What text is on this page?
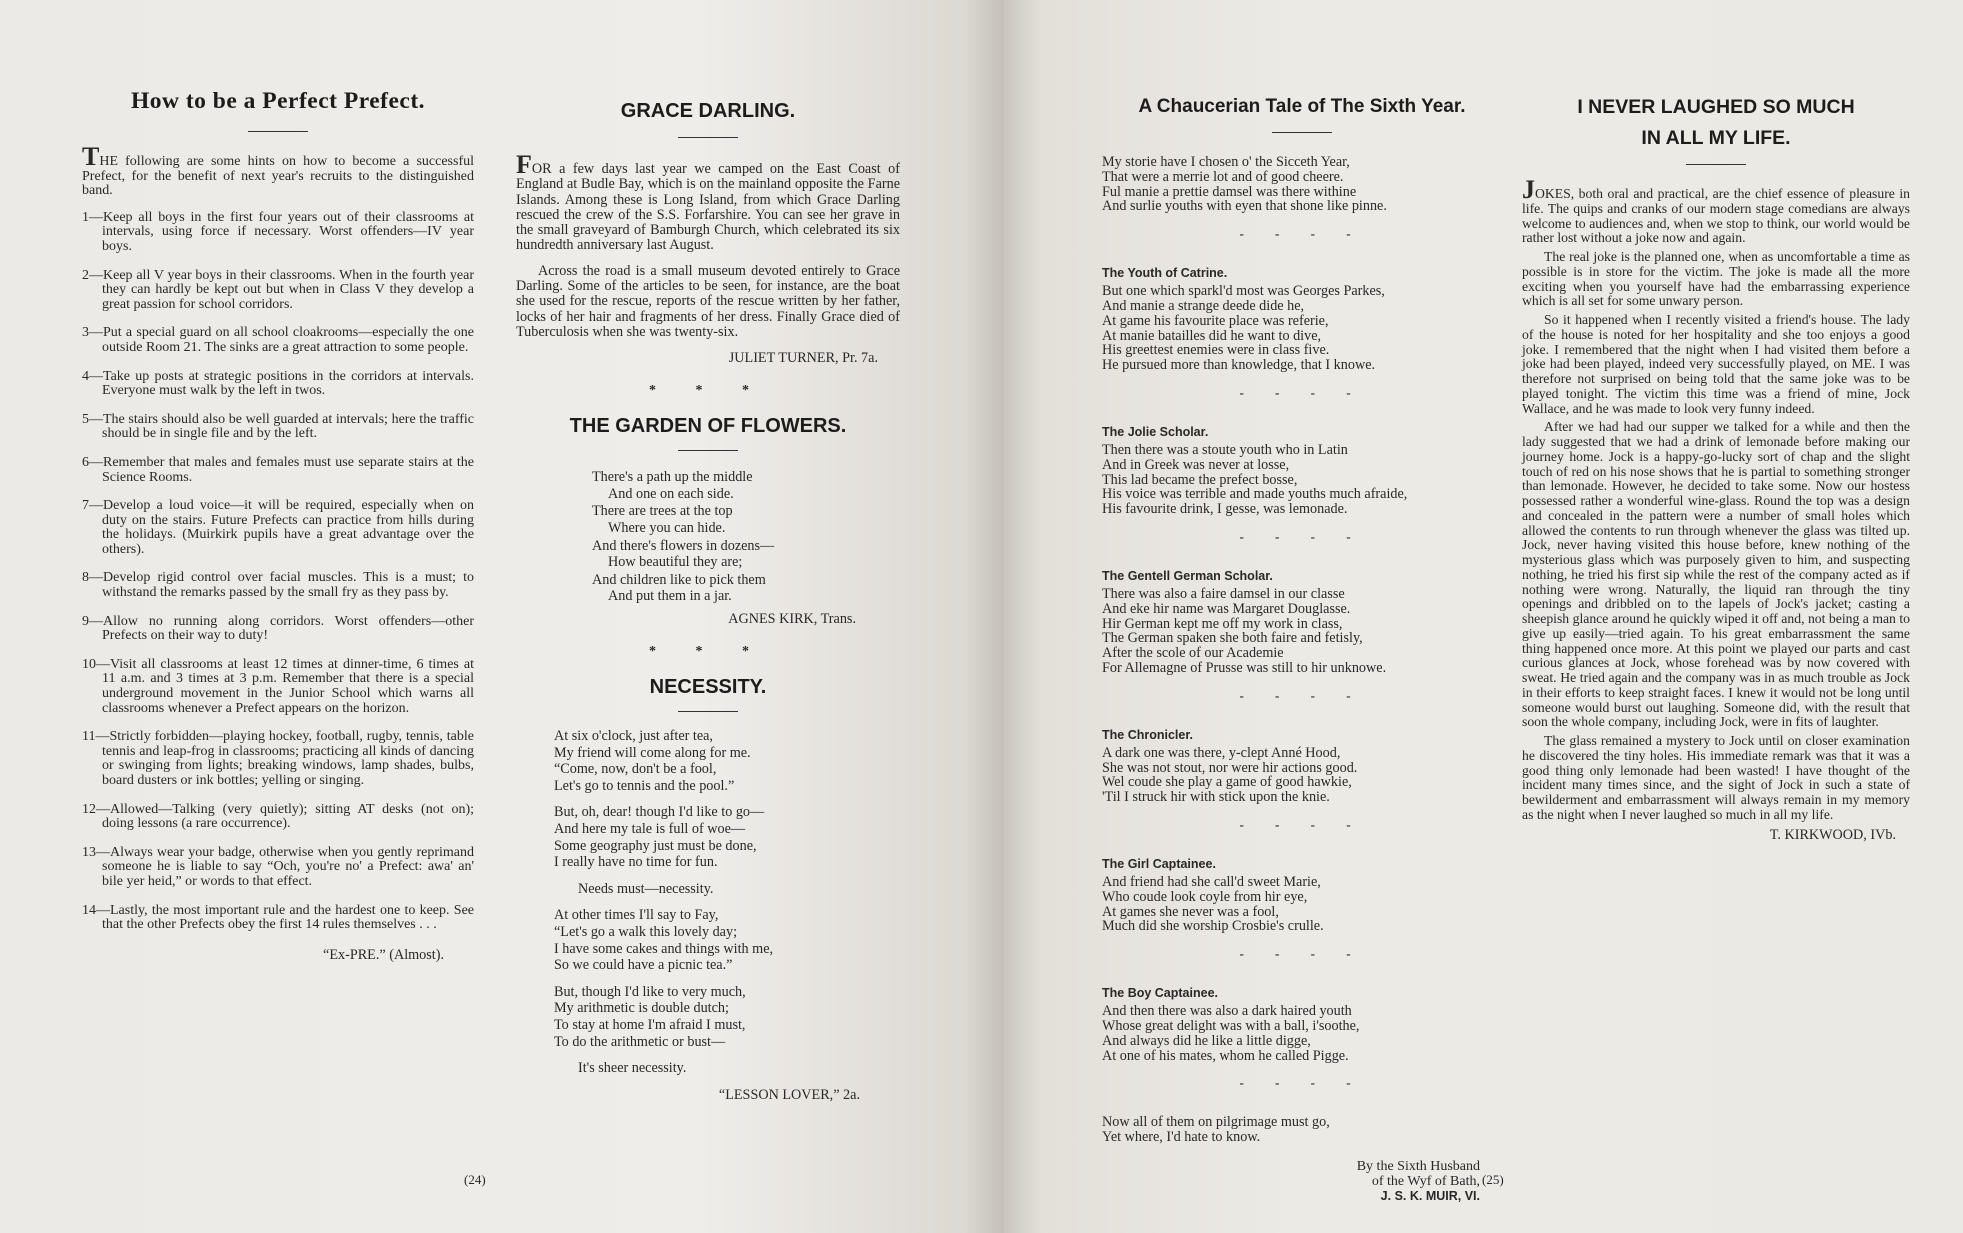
How to be a Perfect Prefect.

THE following are some hints on how to become a successful Prefect, for the benefit of next year's recruits to the distinguished band.

1—Keep all boys in the first four years out of their classrooms at intervals, using force if necessary. Worst offenders—IV year boys.

2—Keep all V year boys in their classrooms. When in the fourth year they can hardly be kept out but when in Class V they develop a great passion for school corridors.

3—Put a special guard on all school cloakrooms—especially the one outside Room 21. The sinks are a great attraction to some people.

4—Take up posts at strategic positions in the corridors at intervals. Everyone must walk by the left in twos.

5—The stairs should also be well guarded at intervals; here the traffic should be in single file and by the left.

6—Remember that males and females must use separate stairs at the Science Rooms.

7—Develop a loud voice—it will be required, especially when on duty on the stairs. Future Prefects can practice from hills during the holidays. (Muirkirk pupils have a great advantage over the others).

8—Develop rigid control over facial muscles. This is a must; to withstand the remarks passed by the small fry as they pass by.

9—Allow no running along corridors. Worst offenders—other Prefects on their way to duty!

10—Visit all classrooms at least 12 times at dinner-time, 6 times at 11 a.m. and 3 times at 3 p.m. Remember that there is a special underground movement in the Junior School which warns all classrooms whenever a Prefect appears on the horizon.

11—Strictly forbidden—playing hockey, football, rugby, tennis, table tennis and leap-frog in classrooms; practicing all kinds of dancing or swinging from lights; breaking windows, lamp shades, bulbs, board dusters or ink bottles; yelling or singing.

12—Allowed—Talking (very quietly); sitting AT desks (not on); doing lessons (a rare occurrence).

13—Always wear your badge, otherwise when you gently reprimand someone he is liable to say “Och, you're no' a Prefect: awa' an' bile yer heid,” or words to that effect.

14—Lastly, the most important rule and the hardest one to keep. See that the other Prefects obey the first 14 rules themselves . . .

“Ex-PRE.” (Almost).

GRACE DARLING.

FOR a few days last year we camped on the East Coast of England at Budle Bay, which is on the mainland opposite the Farne Islands. Among these is Long Island, from which Grace Darling rescued the crew of the S.S. Forfarshire. You can see her grave in the small graveyard of Bamburgh Church, which celebrated its six hundredth anniversary last August.

Across the road is a small museum devoted entirely to Grace Darling. Some of the articles to be seen, for instance, are the boat she used for the rescue, reports of the rescue written by her father, locks of her hair and fragments of her dress. Finally Grace died of Tuberculosis when she was twenty-six.

JULIET TURNER, Pr. 7a.

* * *
THE GARDEN OF FLOWERS.
There's a path up the middle
And one on each side.
There are trees at the top
Where you can hide.
And there's flowers in dozens—
How beautiful they are;
And children like to pick them
And put them in a jar.

AGNES KIRK, Trans.

* * *
NECESSITY.
At six o'clock, just after tea,
My friend will come along for me.
“Come, now, don't be a fool,
Let's go to tennis and the pool.”
But, oh, dear! though I'd like to go—
And here my tale is full of woe—
Some geography just must be done,
I really have no time for fun.
Needs must—necessity.
At other times I'll say to Fay,
“Let's go a walk this lovely day;
I have some cakes and things with me,
So we could have a picnic tea.”
But, though I'd like to very much,
My arithmetic is double dutch;
To stay at home I'm afraid I must,
To do the arithmetic or bust—
It's sheer necessity.

“LESSON LOVER,” 2a.

(24)
A Chaucerian Tale of The Sixth Year.
My storie have I chosen o' the Sicceth Year,
That were a merrie lot and of good cheere.
Ful manie a prettie damsel was there withine
And surlie youths with eyen that shone like pinne.
- - - -
The Youth of Catrine.
But one which sparkl'd most was Georges Parkes,
And manie a strange deede dide he,
At game his favourite place was referie,
At manie batailles did he want to dive,
His greettest enemies were in class five.
He pursued more than knowledge, that I knowe.
- - - -
The Jolie Scholar.
Then there was a stoute youth who in Latin
And in Greek was never at losse,
This lad became the prefect bosse,
His voice was terrible and made youths much afraide,
His favourite drink, I gesse, was lemonade.
- - - -
The Gentell German Scholar.
There was also a faire damsel in our classe
And eke hir name was Margaret Douglasse.
Hir German kept me off my work in class,
The German spaken she both faire and fetisly,
After the scole of our Academie
For Allemagne of Prusse was still to hir unknowe.
- - - -
The Chronicler.
A dark one was there, y-clept Anné Hood,
She was not stout, nor were hir actions good.
Wel coude she play a game of good hawkie,
'Til I struck hir with stick upon the knie.
- - - -
The Girl Captainee.
And friend had she call'd sweet Marie,
Who coude look coyle from hir eye,
At games she never was a fool,
Much did she worship Crosbie's crulle.
- - - -
The Boy Captainee.
And then there was also a dark haired youth
Whose great delight was with a ball, i'soothe,
And always did he like a little digge,
At one of his mates, whom he called Pigge.
- - - -
Now all of them on pilgrimage must go,
Yet where, I'd hate to know.
By the Sixth Husband
of the Wyf of Bath,
J. S. K. MUIR, VI.
I NEVER LAUGHED SO MUCH
IN ALL MY LIFE.

JOKES, both oral and practical, are the chief essence of pleasure in life. The quips and cranks of our modern stage comedians are always welcome to audiences and, when we stop to think, our world would be rather lost without a joke now and again.

The real joke is the planned one, when as uncomfortable a time as possible is in store for the victim. The joke is made all the more exciting when you yourself have had the embarrassing experience which is all set for some unwary person.

So it happened when I recently visited a friend's house. The lady of the house is noted for her hospitality and she too enjoys a good joke. I remembered that the night when I had visited them before a joke had been played, indeed very successfully played, on ME. I was therefore not surprised on being told that the same joke was to be played tonight. The victim this time was a friend of mine, Jock Wallace, and he was made to look very funny indeed.

After we had had our supper we talked for a while and then the lady suggested that we had a drink of lemonade before making our journey home. Jock is a happy-go-lucky sort of chap and the slight touch of red on his nose shows that he is partial to something stronger than lemonade. However, he decided to take some. Now our hostess possessed rather a wonderful wine-glass. Round the top was a design and concealed in the pattern were a number of small holes which allowed the contents to run through whenever the glass was tilted up. Jock, never having visited this house before, knew nothing of the mysterious glass which was purposely given to him, and suspecting nothing, he tried his first sip while the rest of the company acted as if nothing were wrong. Naturally, the liquid ran through the tiny openings and dribbled on to the lapels of Jock's jacket; casting a sheepish glance around he quickly wiped it off and, not being a man to give up easily—tried again. To his great embarrassment the same thing happened once more. At this point we played our parts and cast curious glances at Jock, whose forehead was by now covered with sweat. He tried again and the company was in as much trouble as Jock in their efforts to keep straight faces. I knew it would not be long until someone would burst out laughing. Someone did, with the result that soon the whole company, including Jock, were in fits of laughter.

The glass remained a mystery to Jock until on closer examination he discovered the tiny holes. His immediate remark was that it was a good thing only lemonade had been wasted! I have thought of the incident many times since, and the sight of Jock in such a state of bewilderment and embarrassment will always remain in my memory as the night when I never laughed so much in all my life.

T. KIRKWOOD, IVb.

(25)
